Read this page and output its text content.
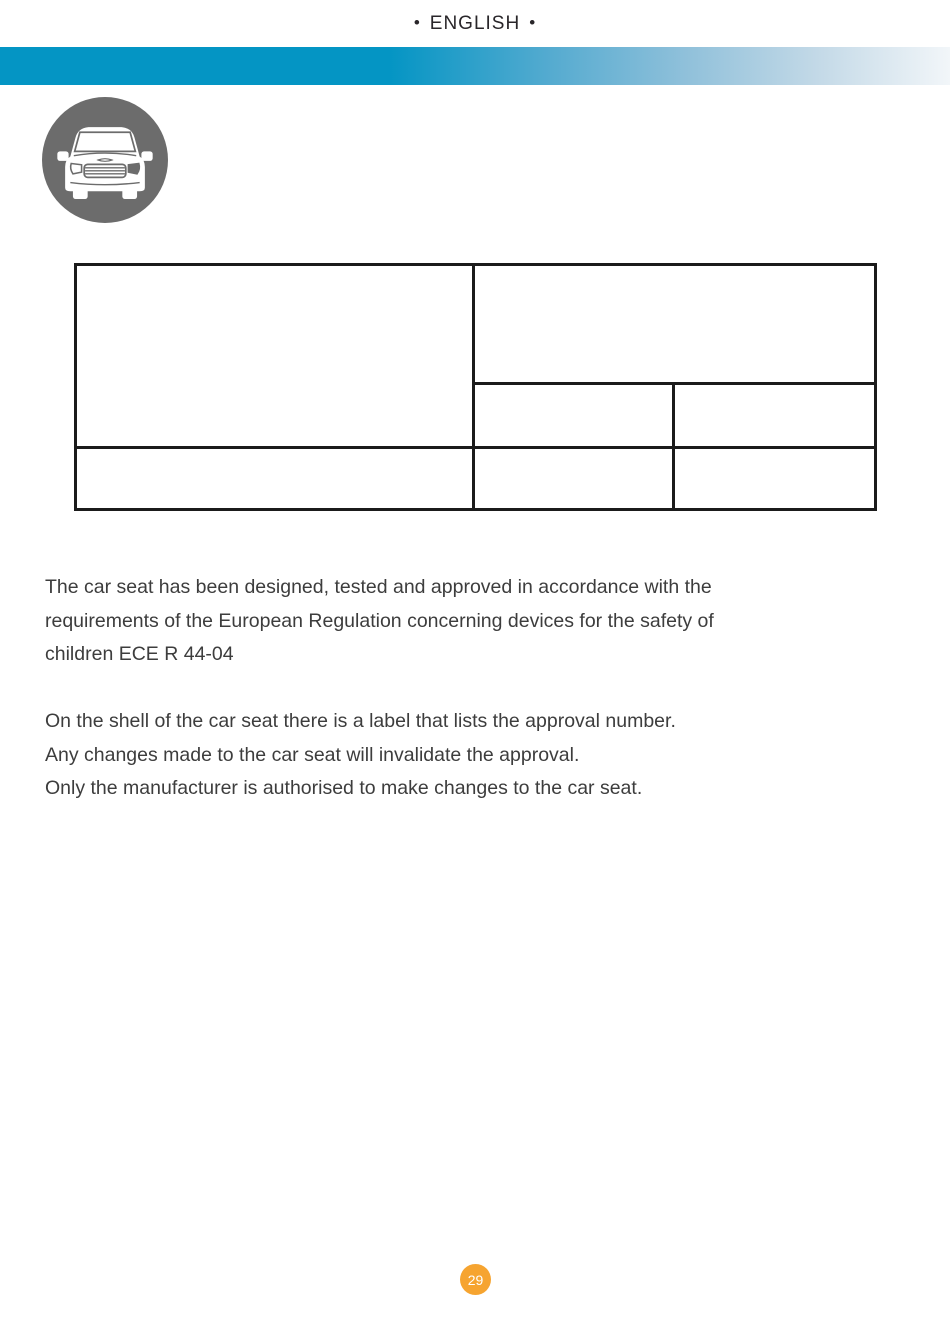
• ENGLISH •
The car seat has been designed, tested and approved in accordance with the
requirements of the European Regulation concerning devices for the safety of
children ECE R 44-04
On the shell of the car seat there is a label that lists the approval number.
Any changes made to the car seat will invalidate the approval.
Only the manufacturer is authorised to make changes to the car seat.
29
